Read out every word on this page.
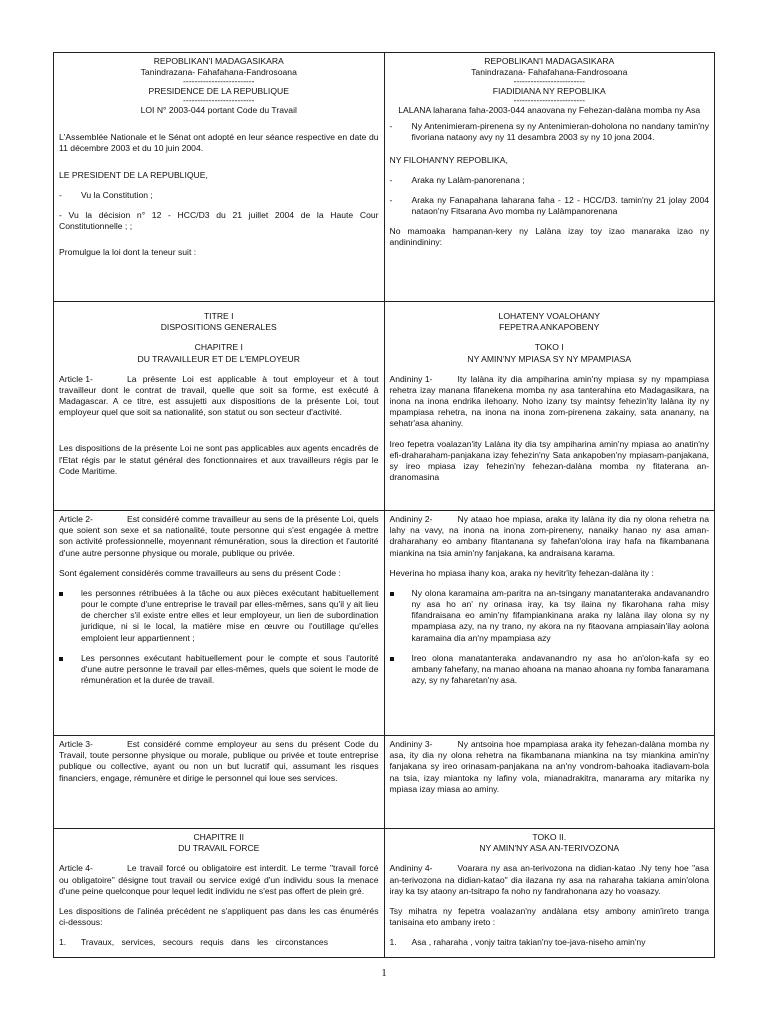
REPOBLIKAN'I MADAGASIKARA
Tanindrazana- Fahafahana-Fandrosoana
-------------------------
PRESIDENCE DE LA REPUBLIQUE
-------------------------
LOI N° 2003-044 portant Code du Travail

L'Assemblée Nationale et le Sénat ont adopté en leur séance respective en date du 11 décembre 2003 et du 10 juin 2004.

LE PRESIDENT DE LA REPUBLIQUE,

-	Vu la Constitution ;

- Vu la décision n° 12 - HCC/D3 du 21 juillet 2004 de la Haute Cour Constitutionnelle ; ;

Promulgue la loi dont la teneur suit :

REPOBLIKAN'I MADAGASIKARA
Tanindrazana- Fahafahana-Fandrosoana
-------------------------
FIADIDIANA NY REPOBLIKA
-------------------------
LALANA laharana faha-2003-044 anaovana ny Fehezan-dalàna momba ny Asa
-	Ny Antenimieram-pirenena sy ny Antenimieran-doholona no nandany tamin'ny fivoriana nataony avy ny 11 desambra 2003 sy ny 10 jona 2004.

NY FILOHAN'NY REPOBLIKA,

-	Araka ny Lalàm-panorenana ;
-	Araka ny Fanapahana laharana faha - 12 - HCC/D3. tamin'ny 21 jolay 2004 nataon'ny Fitsarana Avo momba ny Lalàmpanorenana

No mamoaka hampanan-kery ny Lalàna izay toy izao manaraka izao ny andinindininy:

TITRE I
DISPOSITIONS GENERALES
CHAPITRE I
DU TRAVAILLEUR ET DE L'EMPLOYEUR

Article 1-	La présente Loi est applicable à tout employeur et à tout travailleur dont le contrat de travail, quelle que soit sa forme, est exécuté à Madagascar. A ce titre, est assujetti aux dispositions de la présente Loi, tout employeur quel que soit sa nationalité, son statut ou son secteur d'activité.

Les dispositions de la présente Loi ne sont pas applicables aux agents encadrés de l'Etat régis par le statut général des fonctionnaires et aux travailleurs régis par le Code Maritime.

LOHATENY VOALOHANY
FEPETRA ANKAPOBENY
TOKO I
NY AMIN'NY MPIASA SY NY MPAMPIASA

Andininy 1-	Ity lalàna ity dia ampiharina amin'ny mpiasa sy ny mpampiasa rehetra izay manana fifanekena momba ny asa tanterahina eto Madagasikara, na inona na inona endrika ilehoany. Noho izany tsy maintsy fehezin'ity lalàna ity ny mpampiasa rehetra, na inona na inona zom-pirenena zakainy, sata ananany, na sehatr'asa ahaniny.

Ireo fepetra voalazan'ity Lalàna ity dia tsy ampiharina amin'ny mpiasa ao anatin'ny efi-draharaham-panjakana izay fehezin'ny Sata ankapoben'ny mpiasam-panjakana, sy ireo mpiasa izay fehezin'ny fehezan-dalàna momba ny fitaterana an-dranomasina

Article 2-	Est considéré comme travailleur au sens de la présente Loi, quels que soient son sexe et sa nationalité, toute personne qui s'est engagée à mettre son activité professionnelle, moyennant rémunération, sous la direction et l'autorité d'une autre personne physique ou morale, publique ou privée.

Sont également considérés comme travailleurs au sens du présent Code :

les personnes rétribuées à la tâche ou aux pièces exécutant habituellement pour le compte d'une entreprise le travail par elles-mêmes, sans qu'il y ait lieu de chercher s'il existe entre elles et leur employeur, un lien de subordination juridique, ni si le local, la matière mise en œuvre ou l'outillage qu'elles emploient leur appartiennent ;
Les personnes exécutant habituellement pour le compte et sous l'autorité d'une autre personne le travail par elles-mêmes, quels que soient le mode de rémunération et la durée de travail.

Andininy 2-	Ny ataao hoe mpiasa, araka ity lalàna ity dia ny olona rehetra na lahy na vavy, na inona na inona zom-pireneny, nanaiky hanao ny asa aman-draharahany eo ambany fitantanana sy fahefan'olona iray hafa na fikambanana miankina na tsia amin'ny fanjakana, ka andraisana karama.

Heverina ho mpiasa ihany koa, araka ny hevitr'ity fehezan-dalàna ity :

Ny olona karamaina am-paritra na an-tsingany manatanteraka andavanandro ny asa ho an' ny orinasa iray, ka tsy ilaina ny fikarohana raha misy fifandraisana eo amin'ny fifampiankinana araka ny lalàna ilay olona sy ny mpampiasa azy, na ny trano, ny akora na ny fitaovana ampiasain'ilay aolona karamaina dia an'ny mpampiasa azy
Ireo olona manatanteraka andavanandro ny asa ho an'olon-kafa sy eo ambany fahefany, na manao ahoana na manao ahoana ny fomba fanaramana azy, sy ny faharetan'ny asa.

Article 3-	Est considéré comme employeur au sens du présent Code du Travail, toute personne physique ou morale, publique ou privée et toute entreprise publique ou collective, ayant ou non un but lucratif qui, assumant les risques financiers, engage, rémunère et dirige le personnel qui loue ses services.

Andininy 3-	Ny antsoina hoe mpampiasa araka ity fehezan-dalàna momba ny asa, ity dia ny olona rehetra na fikambanana miankina na tsy miankina amin'ny fanjakana sy ireo orinasam-panjakana na an'ny vondrom-bahoaka itadiavam-bola na tsia, izay miantoka ny lafiny vola, mianadrakitra, manarama ary mitarika ny mpiasa izay miasa ao aminy.

CHAPITRE II
DU TRAVAIL FORCE

Article 4-	Le travail forcé ou obligatoire est interdit. Le terme "travail forcé ou obligatoire" désigne tout travail ou service exigé d'un individu sous la menace d'une peine quelconque pour lequel ledit individu ne s'est pas offert de plein gré.

Les dispositions de l'alinéa précédent ne s'appliquent pas dans les cas énumérés ci-dessous:

1.	Travaux, services, secours requis dans les circonstances
TOKO II.
NY AMIN'NY ASA AN-TERIVOZONA

Andininy 4-	Voarara ny asa an-terivozona na didian-katao .Ny teny hoe "asa an-terivozona na didian-katao" dia ilazana ny asa na raharaha takiana amin'olona iray ka tsy ataony an-tsitrapo fa noho ny fandrahonana azy ho voasazy.

Tsy mihatra ny fepetra voalazan'ny andàlana etsy ambony amin'ireto tranga tanisaina eto ambany ireto :

1.	Asa , raharaha , vonjy taitra takian'ny toe-java-niseho amin'ny
1
